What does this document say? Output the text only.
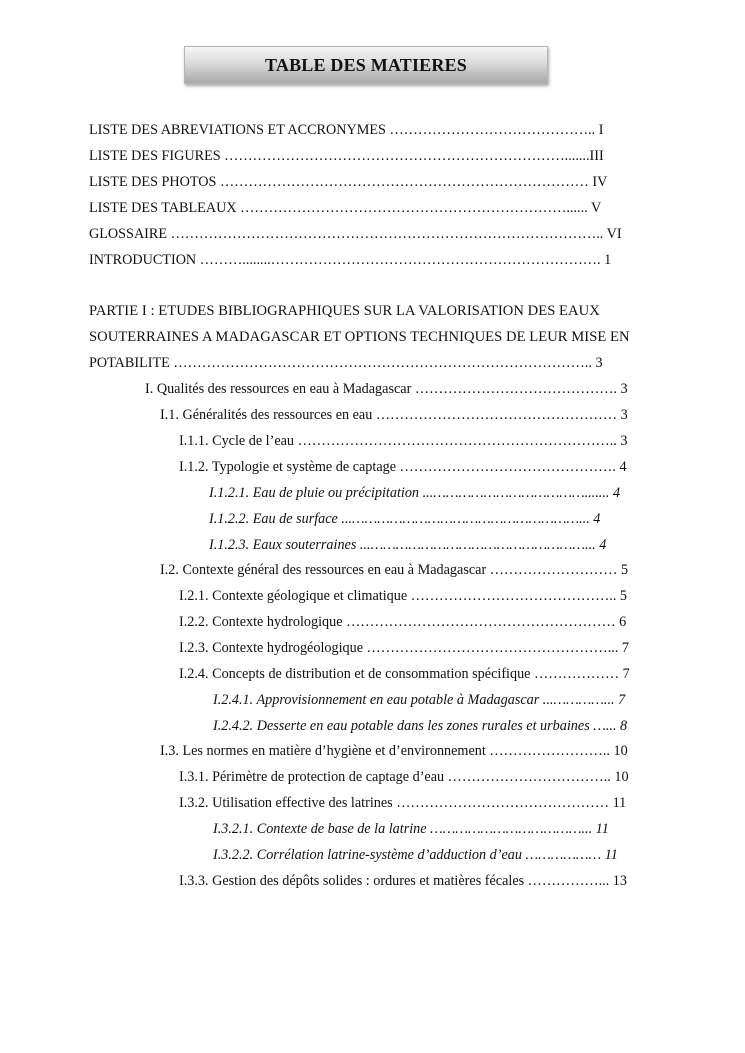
TABLE DES MATIERES
LISTE DES ABREVIATIONS ET ACCRONYMES …………………………………….. I
LISTE DES FIGURES ……………………………………………………………….......III
LISTE DES PHOTOS …………………………………………………………………… IV
LISTE DES TABLEAUX ……………………………………………………………...... V
GLOSSAIRE ……………………………………………………………………………….. VI
INTRODUCTION ………........……………………………………………………………. 1
PARTIE I : ETUDES BIBLIOGRAPHIQUES SUR LA VALORISATION DES EAUX
SOUTERRAINES A MADAGASCAR ET OPTIONS TECHNIQUES DE LEUR MISE EN
POTABILITE …………………………………………………………………………….. 3
I. Qualités des ressources en eau à Madagascar ……………………………………. 3
I.1. Généralités des ressources en eau …………………………………………… 3
I.1.1. Cycle de l’eau ………………………………………………………….. 3
I.1.2. Typologie et système de captage ………………………………………. 4
I.1.2.1. Eau de pluie ou précipitation ...………………………………....... 4
I.1.2.2. Eau de surface ...………………………………………………... 4
I.1.2.3. Eaux souterraines ...……………………………………………... 4
I.2. Contexte général des ressources en eau à Madagascar ……………………… 5
I.2.1. Contexte géologique et climatique …………………………………….. 5
I.2.2. Contexte hydrologique ………………………………………………… 6
I.2.3. Contexte hydrogéologique ……………………………………………... 7
I.2.4. Concepts de distribution et de consommation spécifique ……………… 7
I.2.4.1. Approvisionnement en eau potable à Madagascar ...…………... 7
I.2.4.2. Desserte en eau potable dans les zones rurales et urbaines …... 8
I.3. Les normes en matière d’hygiène et d’environnement …………………….. 10
I.3.1. Périmètre de protection de captage d’eau …………………………….. 10
I.3.2. Utilisation effective des latrines ……………………………………… 11
I.3.2.1. Contexte de base de la latrine ………………………………... 11
I.3.2.2. Corrélation latrine-système d’adduction d’eau ……………… 11
I.3.3. Gestion des dépôts solides : ordures et matières fécales ……………... 13
